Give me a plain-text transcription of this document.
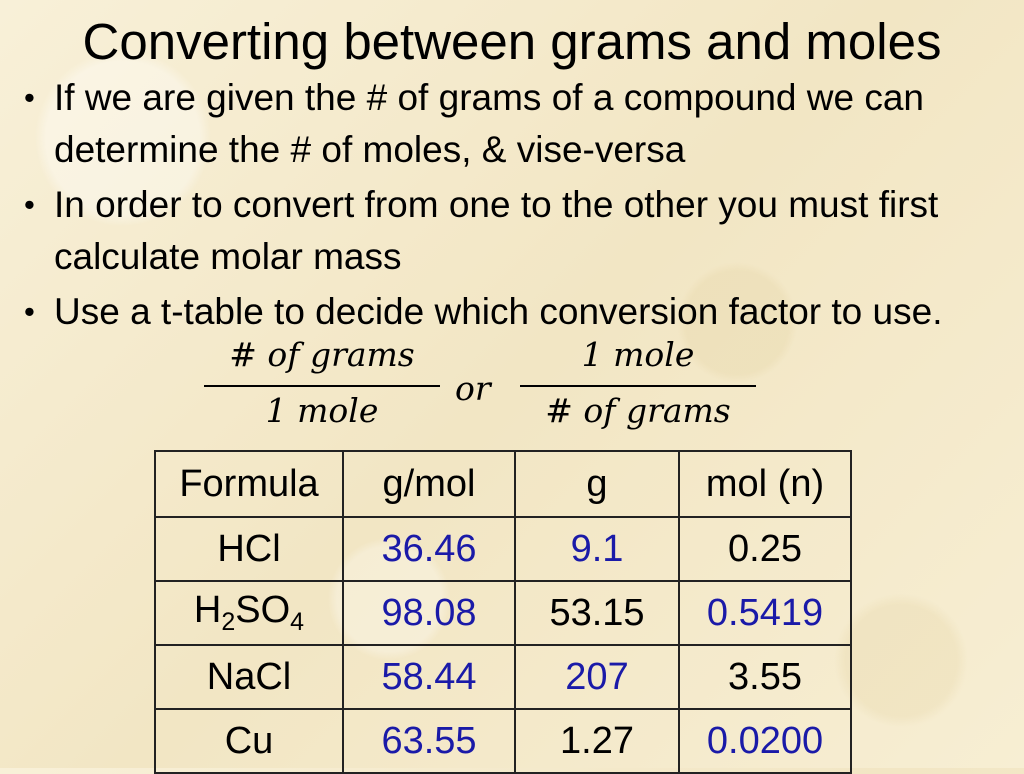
Converting between grams and moles
• If we are given the # of grams of a compound we can determine the # of moles, & vise-versa
• In order to convert from one to the other you must first calculate molar mass
• Use a t-table to decide which conversion factor to use.
# of grams
1 mole
or
1 mole
# of grams
Formula	g/mol	g	mol (n)
HCl	36.46	9.1	0.25
$H_2SO_4$	98.08	53.15	0.5419
NaCl	58.44	207	3.55
Cu	63.55	1.27	0.0200
